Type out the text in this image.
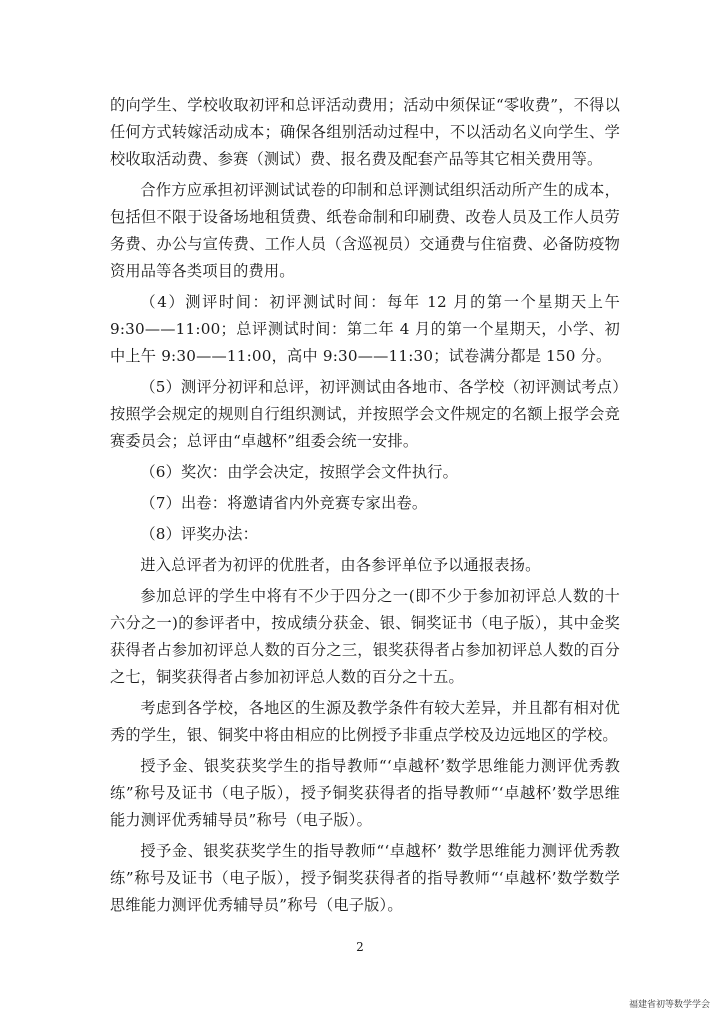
的向学生、学校收取初评和总评活动费用；活动中须保证“零收费”，不得以任何方式转嫁活动成本；确保各组别活动过程中，不以活动名义向学生、学校收取活动费、参赛（测试）费、报名费及配套产品等其它相关费用等。

合作方应承担初评测试试卷的印制和总评测试组织活动所产生的成本，包括但不限于设备场地租赁费、纸卷命制和印刷费、改卷人员及工作人员劳务费、办公与宣传费、工作人员（含巡视员）交通费与住宿费、必备防疫物资用品等各类项目的费用。

（4）测评时间：初评测试时间：每年 12 月的第一个星期天上午 9:30——11:00；总评测试时间：第二年 4 月的第一个星期天，小学、初中上午 9:30——11:00，高中 9:30——11:30；试卷满分都是 150 分。

（5）测评分初评和总评，初评测试由各地市、各学校（初评测试考点）按照学会规定的规则自行组织测试，并按照学会文件规定的名额上报学会竞赛委员会；总评由“卓越杯”组委会统一安排。

（6）奖次：由学会决定，按照学会文件执行。

（7）出卷：将邀请省内外竞赛专家出卷。

（8）评奖办法：

进入总评者为初评的优胜者，由各参评单位予以通报表扬。

参加总评的学生中将有不少于四分之一(即不少于参加初评总人数的十六分之一)的参评者中，按成绩分获金、银、铜奖证书（电子版），其中金奖获得者占参加初评总人数的百分之三，银奖获得者占参加初评总人数的百分之七，铜奖获得者占参加初评总人数的百分之十五。

考虑到各学校，各地区的生源及教学条件有较大差异，并且都有相对优秀的学生，银、铜奖中将由相应的比例授予非重点学校及边远地区的学校。

授予金、银奖获奖学生的指导教师“‘卓越杯’数学思维能力测评优秀教练”称号及证书（电子版），授予铜奖获得者的指导教师“‘卓越杯’数学思维能力测评优秀辅导员”称号（电子版）。

授予金、银奖获奖学生的指导教师“‘卓越杯’ 数学思维能力测评优秀教练”称号及证书（电子版），授予铜奖获得者的指导教师“‘卓越杯’数学数学思维能力测评优秀辅导员”称号（电子版）。

2
福建省初等数学学会
